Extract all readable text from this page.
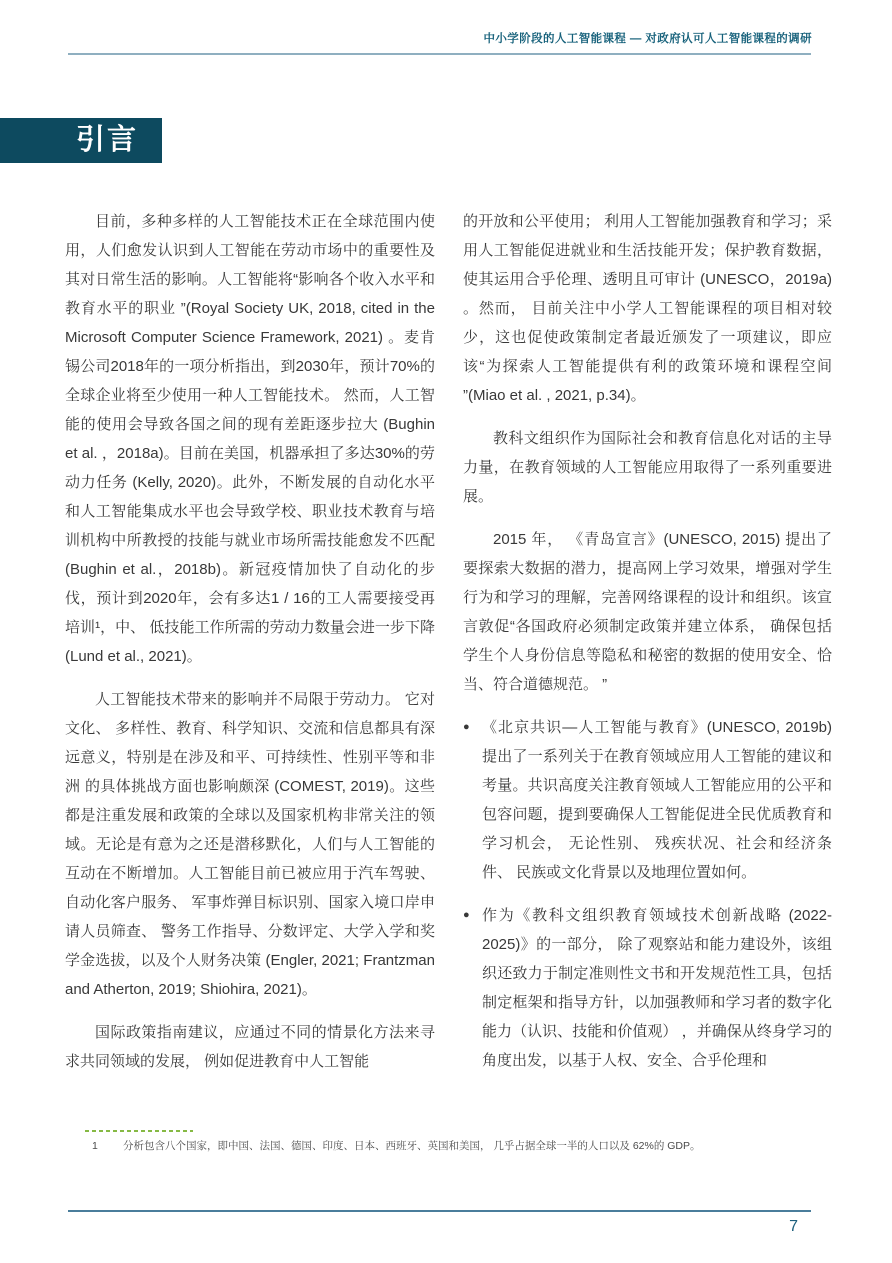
中小学阶段的人工智能课程 — 对政府认可人工智能课程的调研
引言

目前，多种多样的人工智能技术正在全球范围内使用，人们愈发认识到人工智能在劳动市场中的重要性及其对日常生活的影响。人工智能将“影响各个收入水平和教育水平的职业 ”(Royal Society UK, 2018, cited in the Microsoft Computer Science Framework, 2021) 。麦肯锡公司2018年的一项分析指出，到2030年，预计70%的全球企业将至少使用一种人工智能技术。 然而，人工智能的使用会导致各国之间的现有差距逐步拉大 (Bughin et al. ，2018a)。目前在美国，机器承担了多达30%的劳动力任务 (Kelly, 2020)。此外，不断发展的自动化水平和人工智能集成水平也会导致学校、职业技术教育与培训机构中所教授的技能与就业市场所需技能愈发不匹配 (Bughin et al.，2018b)。新冠疫情加快了自动化的步伐，预计到2020年，会有多达1 / 16的工人需要接受再培训¹，中、 低技能工作所需的劳动力数量会进一步下降 (Lund et al., 2021)。

人工智能技术带来的影响并不局限于劳动力。 它对文化、 多样性、教育、科学知识、交流和信息都具有深远意义，特别是在涉及和平、可持续性、性别平等和非洲 的具体挑战方面也影响颇深 (COMEST, 2019)。这些都是注重发展和政策的全球以及国家机构非常关注的领域。无论是有意为之还是潜移默化，人们与人工智能的互动在不断增加。人工智能目前已被应用于汽车驾驶、自动化客户服务、 军事炸弹目标识别、国家入境口岸申请人员筛查、 警务工作指导、分数评定、大学入学和奖学金选拔，以及个人财务决策 (Engler, 2021; Frantzman and Atherton, 2019; Shiohira, 2021)。

国际政策指南建议，应通过不同的情景化方法来寻求共同领域的发展， 例如促进教育中人工智能

的开放和公平使用； 利用人工智能加强教育和学习；采用人工智能促进就业和生活技能开发；保护教育数据，使其运用合乎伦理、透明且可审计 (UNESCO，2019a) 。然而， 目前关注中小学人工智能课程的项目相对较少，这也促使政策制定者最近颁发了一项建议，即应该“为探索人工智能提供有利的政策环境和课程空间 ”(Miao et al. , 2021, p.34)。

教科文组织作为国际社会和教育信息化对话的主导力量，在教育领域的人工智能应用取得了一系列重要进展。

2015 年， 《青岛宣言》(UNESCO, 2015) 提出了要探索大数据的潜力，提高网上学习效果，增强对学生行为和学习的理解，完善网络课程的设计和组织。该宣言敦促“各国政府必须制定政策并建立体系， 确保包括学生个人身份信息等隐私和秘密的数据的使用安全、恰当、符合道德规范。 ”

● 《北京共识—人工智能与教育》(UNESCO, 2019b) 提出了一系列关于在教育领域应用人工智能的建议和考量。共识高度关注教育领域人工智能应用的公平和包容问题，提到要确保人工智能促进全民优质教育和学习机会， 无论性别、 残疾状况、社会和经济条件、 民族或文化背景以及地理位置如何。
● 作为《教科文组织教育领域技术创新战略 (2022-2025)》的一部分， 除了观察站和能力建设外，该组织还致力于制定准则性文书和开发规范性工具，包括制定框架和指导方针，以加强教师和学习者的数字化能力（认识、技能和价值观） ，并确保从终身学习的角度出发，以基于人权、安全、合乎伦理和
1	分析包含八个国家，即中国、法国、德国、印度、日本、西班牙、英国和美国， 几乎占据全球一半的人口以及 62%的 GDP。
7
